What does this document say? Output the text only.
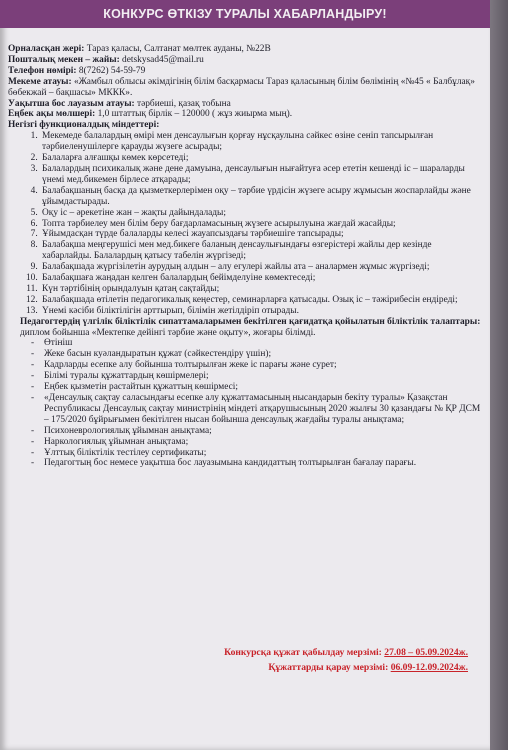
КОНКУРС ӨТКІЗУ ТУРАЛЫ ХАБАРЛАНДЫРУ!
Орналасқан жері: Тараз қаласы, Салтанат мөлтек ауданы, №22В
Пошталық мекен – жайы: detskysad45@mail.ru
Телефон нөмірі: 8(7262) 54-59-79
Мекеме атауы: «Жамбыл облысы әкімдігінің білім басқармасы Тараз қаласының білім бөлімінің «№45 « Балбұлақ» бөбекжай – бақшасы» МККК».
Уақытша бос лауазым атауы: тәрбиеші, қазақ тобына
Еңбек ақы мөлшері: 1,0 штаттық бірлік – 120000 ( жұз жиырма мың).
Негізгі функционалдық міндеттері:
1. Мекемеде балалардың өмірі мен денсаулығын қорғау нұсқаулына сәйкес өзіне сеніп тапсырылған тәрбиеленушілерге қарауды жүзеге асырады;
2. Балаларға алғашқы көмек көрсетеді;
3. Балалардың психикалық және дене дамуына, денсаулығын нығайтуға әсер ететін кешенді іс – шараларды үнемі мед.бикемен бірлесе атқарады;
4. Балабақшаның басқа да қызметкерлерімен оқу – тәрбие үрдісін жүзеге асыру жұмысын жоспарлайды және ұйымдастырады.
5. Оқу іс – әрекетіне жан – жақты дайындалады;
6. Топта тәрбиелеу мен білім беру бағдарламасының жүзеге асырылуына жағдай жасайды;
7. Ұйымдасқан түрде балаларды келесі жауапсыздағы тәрбиешіге тапсырады;
8. Балабақша меңгерушісі мен мед.бикеге баланың денсаулығындағы өзгерістері жайлы дер кезінде хабарлайды. Балалардың қатысу табелін жүргізеді;
9. Балабақшада жүргізілетін аурудың алдын – алу егулері жайлы ата – аналармен жұмыс жүргізеді;
10. Балабақшаға жаңадан келген балалардың бейімделуіне көмектеседі;
11. Күн тәртібінің орындалуын қатаң сақтайды;
12. Балабақшада өтілетін педагогикалық кеңестер, семинарларға қатысады. Озық іс – тәжірибесін ендіреді;
13. Үнемі кәсіби біліктілігін арттырып, білімін жетілдіріп отырады.
Педагогтердің үлгілік біліктілік сипаттамаларымен бекітілген қағидатқа қойылатын біліктілік талаптары: диплом бойынша «Мектепке дейінгі тәрбие және оқыту», жоғары білімді.
- Өтініш
- Жеке басын куәландыратын құжат (сәйкестендіру үшін);
- Кадрларды есепке алу бойынша толтырылған жеке іс парағы және сурет;
- Білімі туралы құжаттардың көшірмелері;
- Еңбек қызметін растайтын құжаттың көшірмесі;
- «Денсаулық сақтау саласындағы есепке алу құжаттамасының нысандарын бекіту туралы» Қазақстан Республикасы Денсаулық сақтау министрінің міндеті атқарушысының 2020 жылғы 30 қазандағы № ҚР ДСМ – 175/2020 бұйрығымен бекітілген нысан бойынша денсаулық жағдайы туралы анықтама;
- Психоневрологиялық ұйымнан анықтама;
- Наркологиялық ұйымнан анықтама;
- Ұлттық біліктілік тестілеу сертификаты;
- Педагогтың бос немесе уақытша бос лауазымына кандидаттың толтырылған бағалау парағы.
Конкурсқа құжат қабылдау мерзімі: 27.08 – 05.09.2024ж.
Құжаттарды қарау мерзімі: 06.09-12.09.2024ж.
